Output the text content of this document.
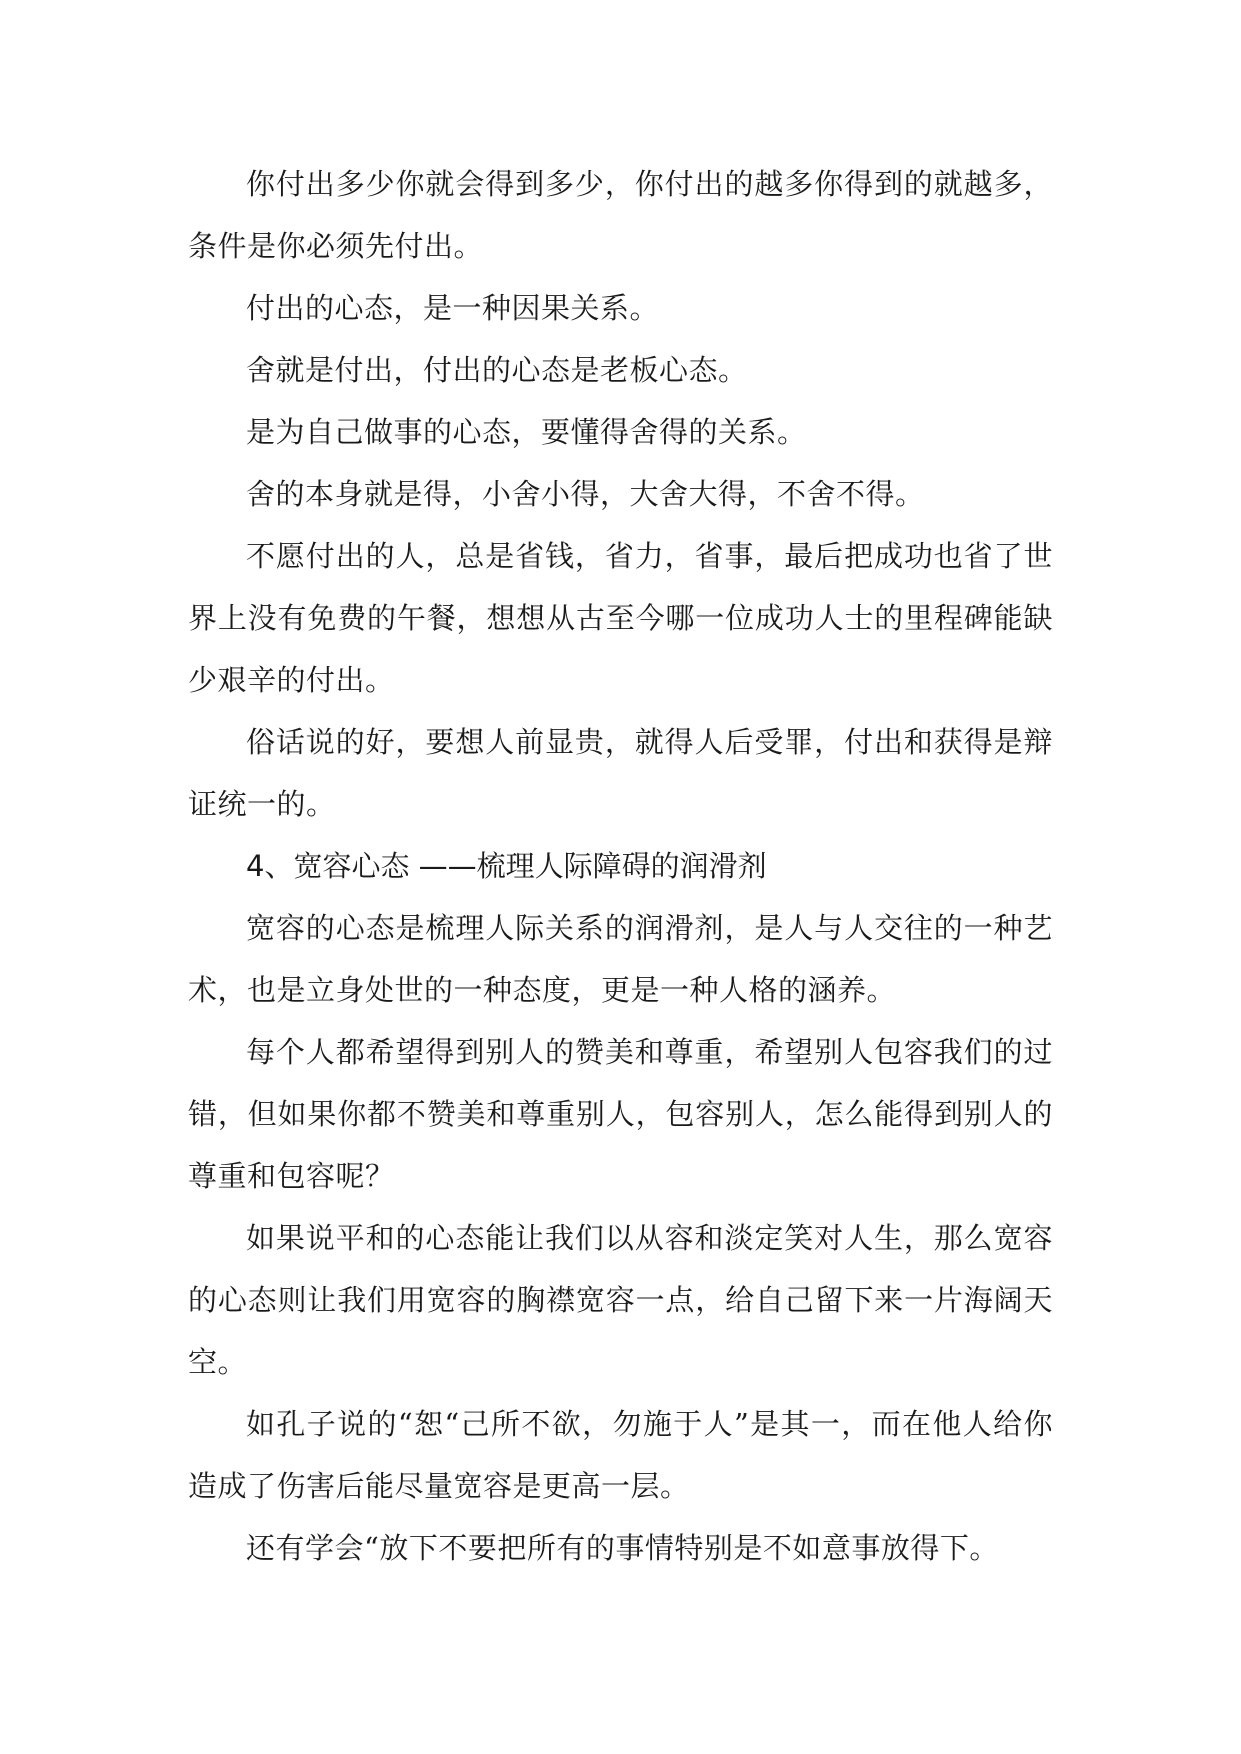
你付出多少你就会得到多少，你付出的越多你得到的就越多，条件是你必须先付出。

付出的心态，是一种因果关系。

舍就是付出，付出的心态是老板心态。

是为自己做事的心态，要懂得舍得的关系。

舍的本身就是得，小舍小得，大舍大得，不舍不得。

不愿付出的人，总是省钱，省力，省事，最后把成功也省了世界上没有免费的午餐，想想从古至今哪一位成功人士的里程碑能缺少艰辛的付出。

俗话说的好，要想人前显贵，就得人后受罪，付出和获得是辩证统一的。

4、宽容心态 ——梳理人际障碍的润滑剂

宽容的心态是梳理人际关系的润滑剂，是人与人交往的一种艺术，也是立身处世的一种态度，更是一种人格的涵养。

每个人都希望得到别人的赞美和尊重，希望别人包容我们的过错，但如果你都不赞美和尊重别人，包容别人，怎么能得到别人的尊重和包容呢？

如果说平和的心态能让我们以从容和淡定笑对人生，那么宽容的心态则让我们用宽容的胸襟宽容一点，给自己留下来一片海阔天空。

如孔子说的“恕“己所不欲，勿施于人”是其一，而在他人给你造成了伤害后能尽量宽容是更高一层。

还有学会“放下不要把所有的事情特别是不如意事放得下。
